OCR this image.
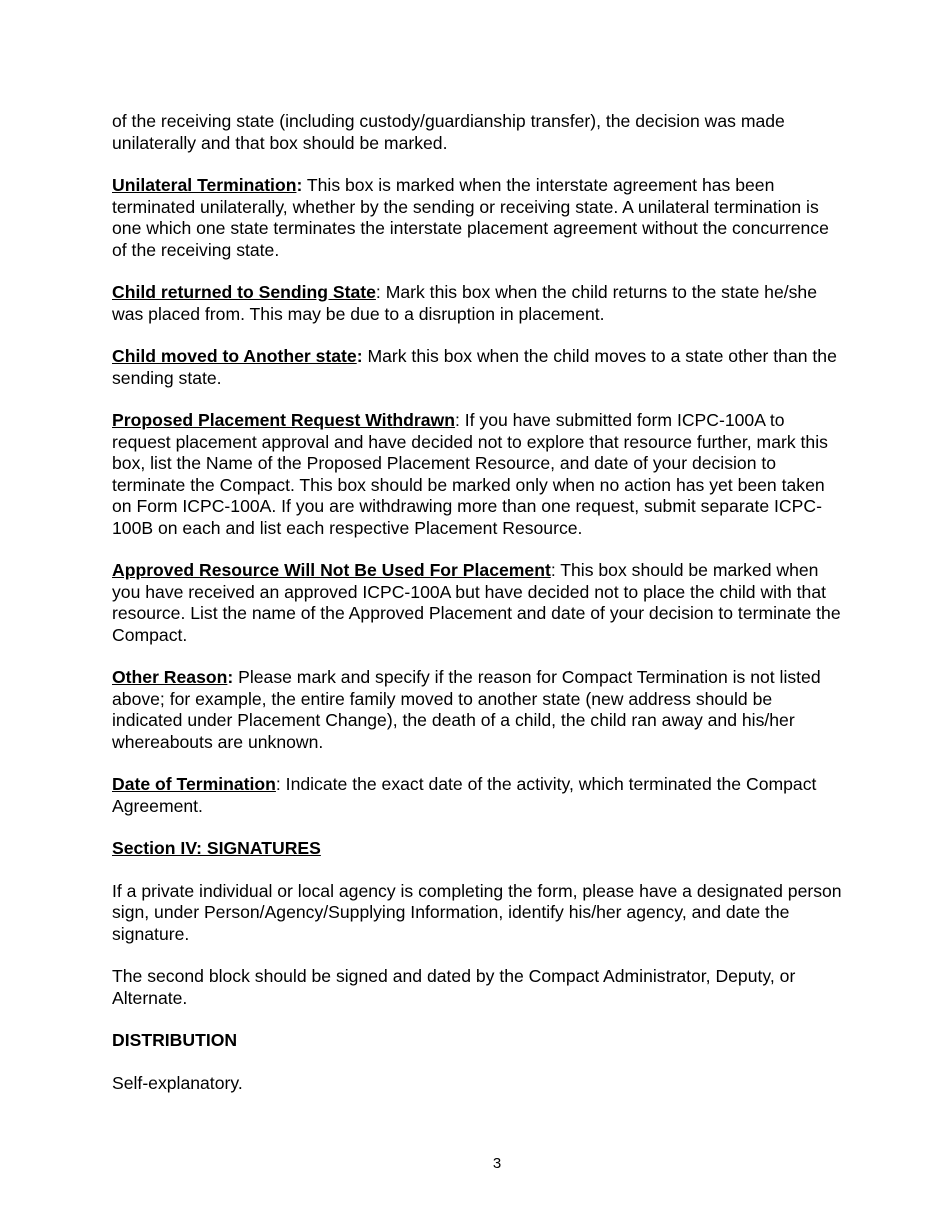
of the receiving state (including custody/guardianship transfer), the decision was made unilaterally and that box should be marked.

Unilateral Termination: This box is marked when the interstate agreement has been terminated unilaterally, whether by the sending or receiving state. A unilateral termination is one which one state terminates the interstate placement agreement without the concurrence of the receiving state.

Child returned to Sending State: Mark this box when the child returns to the state he/she was placed from. This may be due to a disruption in placement.

Child moved to Another state: Mark this box when the child moves to a state other than the sending state.

Proposed Placement Request Withdrawn: If you have submitted form ICPC-100A to request placement approval and have decided not to explore that resource further, mark this box, list the Name of the Proposed Placement Resource, and date of your decision to terminate the Compact. This box should be marked only when no action has yet been taken on Form ICPC-100A. If you are withdrawing more than one request, submit separate ICPC-100B on each and list each respective Placement Resource.

Approved Resource Will Not Be Used For Placement: This box should be marked when you have received an approved ICPC-100A but have decided not to place the child with that resource. List the name of the Approved Placement and date of your decision to terminate the Compact.

Other Reason: Please mark and specify if the reason for Compact Termination is not listed above; for example, the entire family moved to another state (new address should be indicated under Placement Change), the death of a child, the child ran away and his/her whereabouts are unknown.

Date of Termination: Indicate the exact date of the activity, which terminated the Compact Agreement.

Section IV: SIGNATURES

If a private individual or local agency is completing the form, please have a designated person sign, under Person/Agency/Supplying Information, identify his/her agency, and date the signature.

The second block should be signed and dated by the Compact Administrator, Deputy, or Alternate.

DISTRIBUTION

Self-explanatory.

3
